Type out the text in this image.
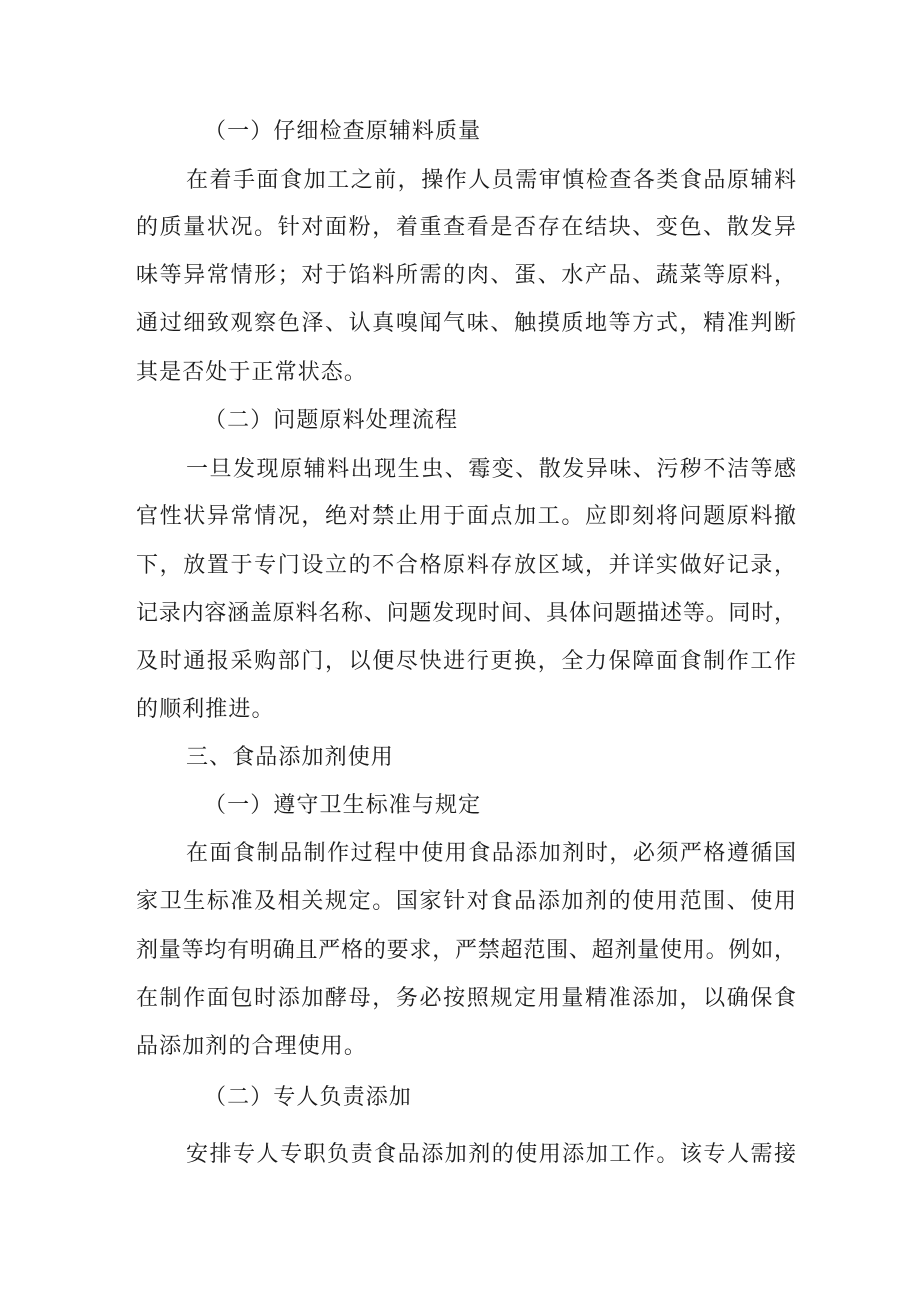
（一）仔细检查原辅料质量
在着手面食加工之前，操作人员需审慎检查各类食品原辅料
的质量状况。针对面粉，着重查看是否存在结块、变色、散发异
味等异常情形；对于馅料所需的肉、蛋、水产品、蔬菜等原料，
通过细致观察色泽、认真嗅闻气味、触摸质地等方式，精准判断
其是否处于正常状态。
（二）问题原料处理流程
一旦发现原辅料出现生虫、霉变、散发异味、污秽不洁等感
官性状异常情况，绝对禁止用于面点加工。应即刻将问题原料撤
下，放置于专门设立的不合格原料存放区域，并详实做好记录，
记录内容涵盖原料名称、问题发现时间、具体问题描述等。同时，
及时通报采购部门，以便尽快进行更换，全力保障面食制作工作
的顺利推进。
三、食品添加剂使用
（一）遵守卫生标准与规定
在面食制品制作过程中使用食品添加剂时，必须严格遵循国
家卫生标准及相关规定。国家针对食品添加剂的使用范围、使用
剂量等均有明确且严格的要求，严禁超范围、超剂量使用。例如，
在制作面包时添加酵母，务必按照规定用量精准添加，以确保食
品添加剂的合理使用。
（二）专人负责添加
安排专人专职负责食品添加剂的使用添加工作。该专人需接
